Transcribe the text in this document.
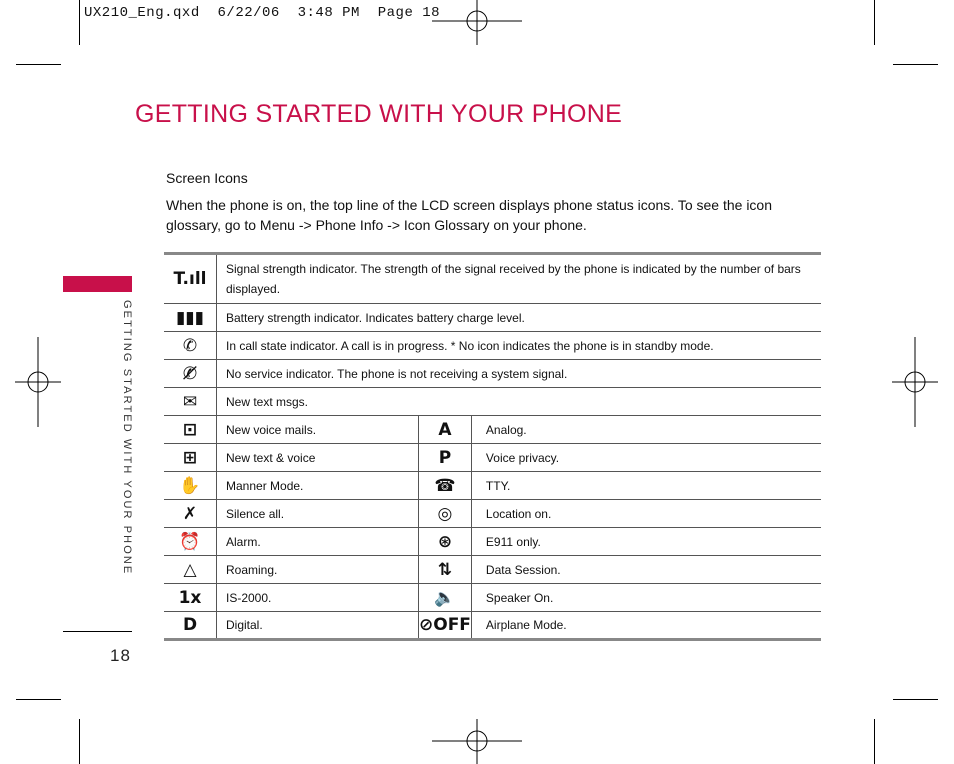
UX210_Eng.qxd  6/22/06  3:48 PM  Page 18
GETTING STARTED WITH YOUR PHONE
GETTING STARTED WITH YOUR PHONE
18
Screen Icons
When the phone is on, the top line of the LCD screen displays phone status icons. To see the icon glossary, go to Menu -> Phone Info -> Icon Glossary on your phone.
T.ıll	Signal strength indicator. The strength of the signal received by the phone is indicated by the number of bars displayed.		
▮▮▮	Battery strength indicator. Indicates battery charge level.		
✆	In call state indicator. A call is in progress. * No icon indicates the phone is in standby mode.		
✆̸	No service indicator. The phone is not receiving a system signal.		
✉	New text msgs.		
⊡	New voice mails.	A	Analog.
⊞	New text & voice	P	Voice privacy.
✋	Manner Mode.	☎	TTY.
✗	Silence all.	◎	Location on.
⏰	Alarm.	⊛	E911 only.
△	Roaming.	⇅	Data Session.
1x	IS-2000.	🔈	Speaker On.
D	Digital.	⊘OFF	Airplane Mode.
